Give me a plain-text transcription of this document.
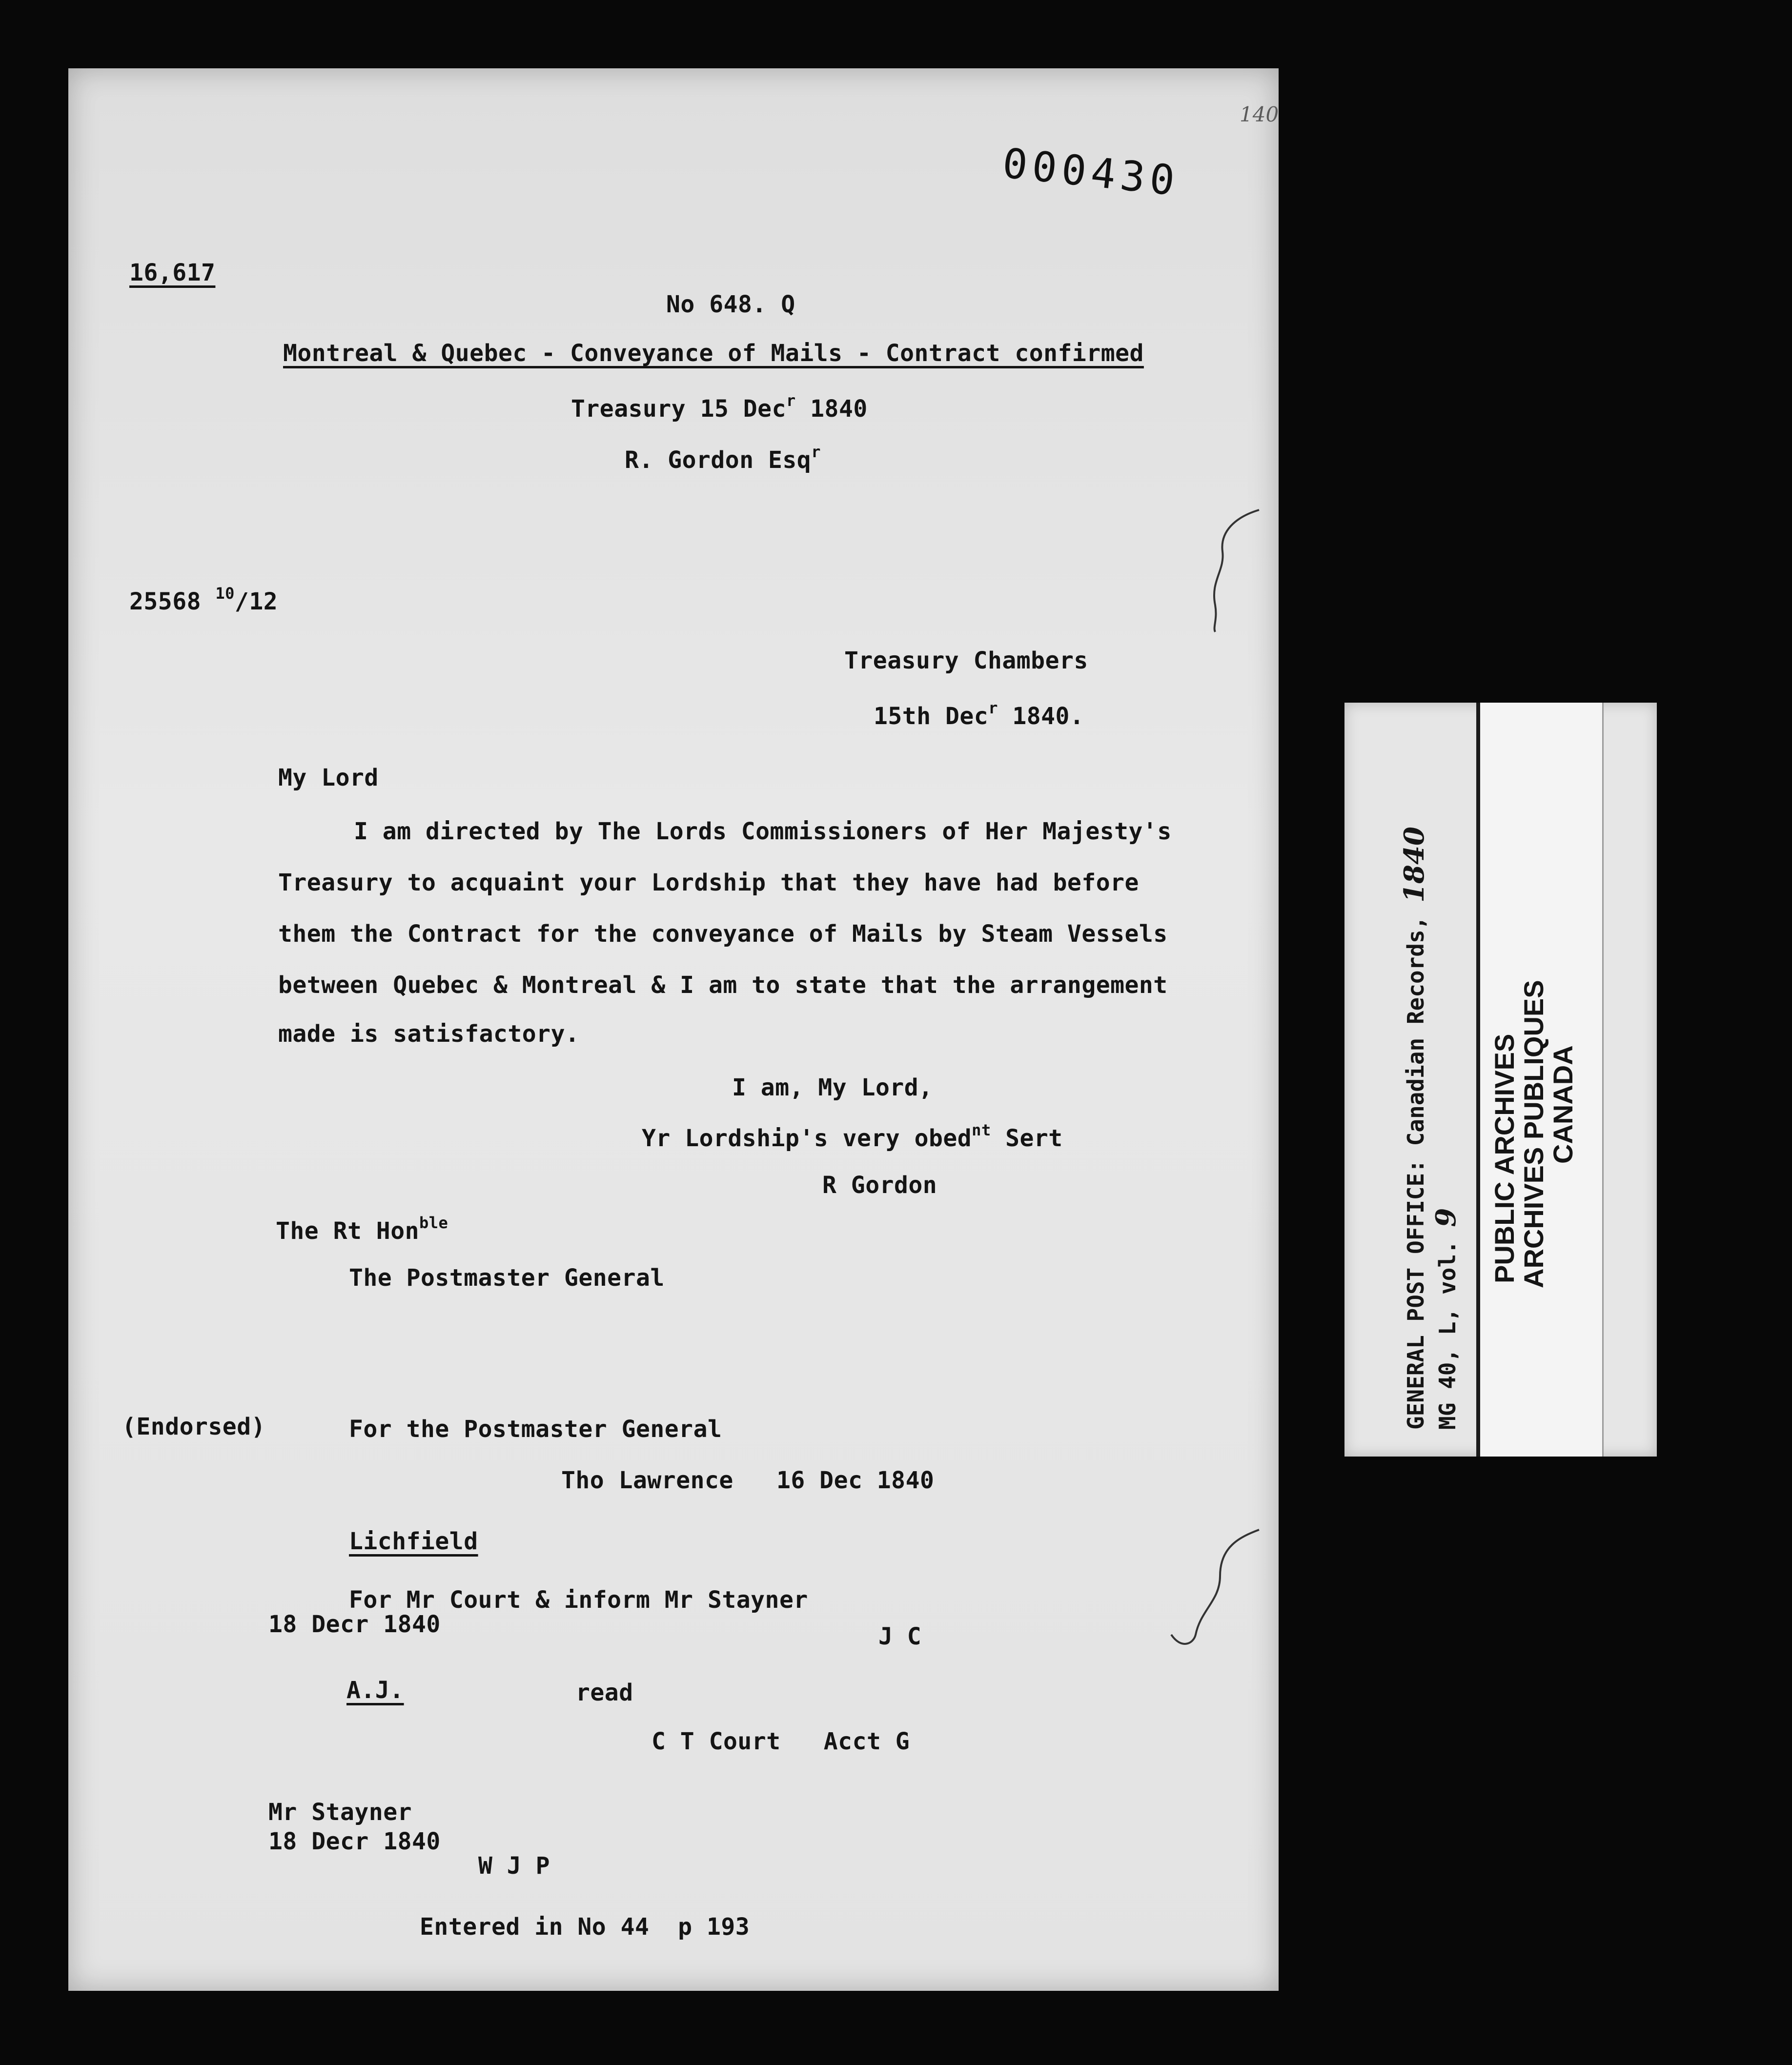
140
000430
16,617
No 648. Q
Montreal & Quebec - Conveyance of Mails - Contract confirmed
Treasury 15 Dec$^r$ 1840
R. Gordon Esq$^r$
25568 $^{10}$/12
Treasury Chambers
15th Dec$^r$ 1840.
My Lord
I am directed by The Lords Commissioners of Her Majesty's
Treasury to acquaint your Lordship that they have had before
them the Contract for the conveyance of Mails by Steam Vessels
between Quebec & Montreal & I am to state that the arrangement
made is satisfactory.
I am, My Lord,
Yr Lordship's very obed$^{nt}$ Sert
R Gordon
The Rt Hon$^{ble}$
The Postmaster General
(Endorsed)	For the Postmaster General
Tho Lawrence   16 Dec 1840
Lichfield
For Mr Court & inform Mr Stayner
18 Decr 1840	J C
A.J.	read
C T Court   Acct G
Mr Stayner
18 Decr 1840
W J P
Entered in No 44  p 193
GENERAL POST OFFICE: Canadian Records, 1840
MG 40, L, vol. 9 PUBLIC ARCHIVES
ARCHIVES PUBLIQUES
CANADA
